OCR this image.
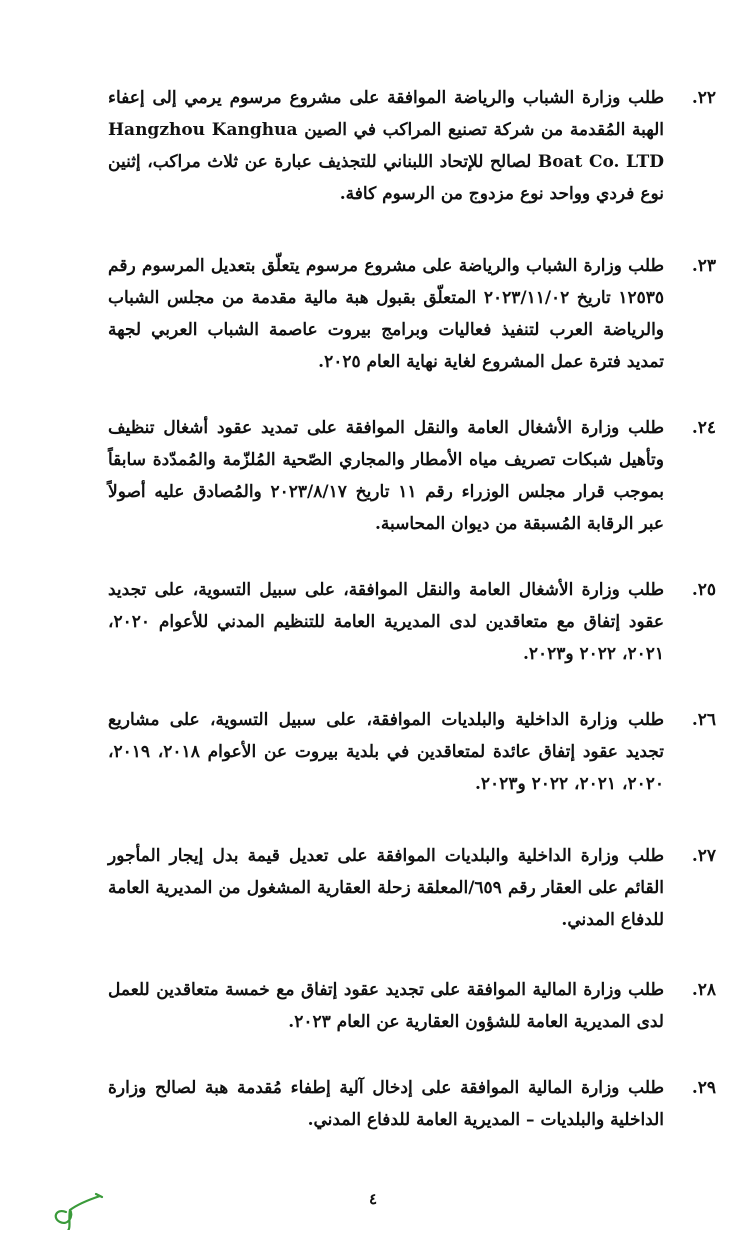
٢٢.
طلب وزارة الشباب والرياضة الموافقة على مشروع مرسوم يرمي إلى إعفاء الهبة المُقدمة من شركة تصنيع المراكب في الصين Hangzhou Kanghua Boat Co. LTD لصالح للإتحاد اللبناني للتجذيف عبارة عن ثلاث مراكب، إثنين نوع فردي وواحد نوع مزدوج من الرسوم كافة.
٢٣.
طلب وزارة الشباب والرياضة على مشروع مرسوم يتعلّق بتعديل المرسوم رقم ١٢٥٣٥ تاريخ ٢٠٢٣/١١/٠٢ المتعلّق بقبول هبة مالية مقدمة من مجلس الشباب والرياضة العرب لتنفيذ فعاليات وبرامج بيروت عاصمة الشباب العربي لجهة تمديد فترة عمل المشروع لغاية نهاية العام ٢٠٢٥.
٢٤.
طلب وزارة الأشغال العامة والنقل الموافقة على تمديد عقود أشغال تنظيف وتأهيل شبكات تصريف مياه الأمطار والمجاري الصّحية المُلزّمة والمُمدّدة سابقاً بموجب قرار مجلس الوزراء رقم ١١ تاريخ ٢٠٢٣/٨/١٧ والمُصادق عليه أصولاً عبر الرقابة المُسبقة من ديوان المحاسبة.
٢٥.
طلب وزارة الأشغال العامة والنقل الموافقة، على سبيل التسوية، على تجديد عقود إتفاق مع متعاقدين لدى المديرية العامة للتنظيم المدني للأعوام ٢٠٢٠، ٢٠٢١، ٢٠٢٢ و٢٠٢٣.
٢٦.
طلب وزارة الداخلية والبلديات الموافقة، على سبيل التسوية، على مشاريع تجديد عقود إتفاق عائدة لمتعاقدين في بلدية بيروت عن الأعوام ٢٠١٨، ٢٠١٩، ٢٠٢٠، ٢٠٢١، ٢٠٢٢ و٢٠٢٣.
٢٧.
طلب وزارة الداخلية والبلديات الموافقة على تعديل قيمة بدل إيجار المأجور القائم على العقار رقم ٦٥٩/المعلقة زحلة العقارية المشغول من المديرية العامة للدفاع المدني.
٢٨.
طلب وزارة المالية الموافقة على تجديد عقود إتفاق مع خمسة متعاقدين للعمل لدى المديرية العامة للشؤون العقارية عن العام ٢٠٢٣.
٢٩.
طلب وزارة المالية الموافقة على إدخال آلية إطفاء مُقدمة هبة لصالح وزارة الداخلية والبلديات – المديرية العامة للدفاع المدني.
٤
